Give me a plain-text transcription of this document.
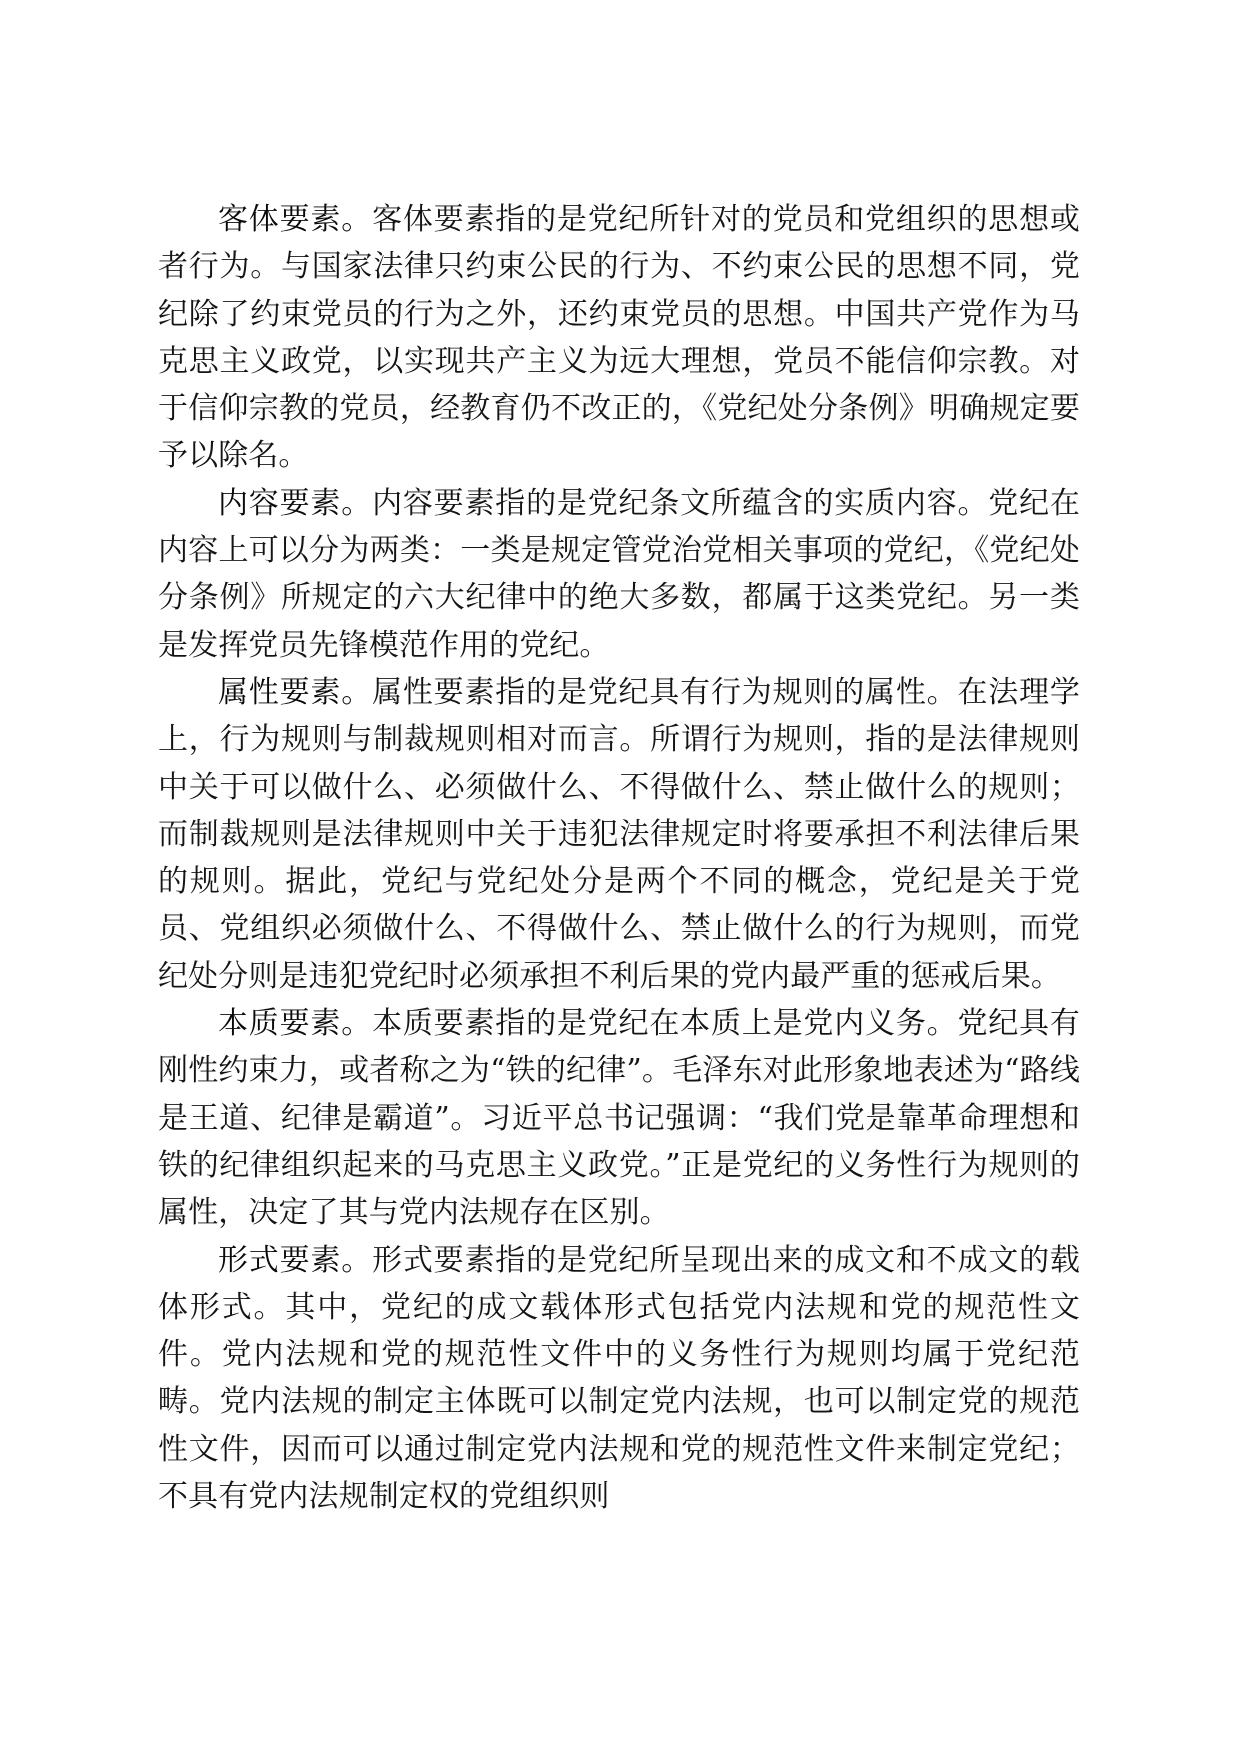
客体要素。客体要素指的是党纪所针对的党员和党组织的思想或者行为。与国家法律只约束公民的行为、不约束公民的思想不同，党纪除了约束党员的行为之外，还约束党员的思想。中国共产党作为马克思主义政党，以实现共产主义为远大理想，党员不能信仰宗教。对于信仰宗教的党员，经教育仍不改正的，《党纪处分条例》明确规定要予以除名。

内容要素。内容要素指的是党纪条文所蕴含的实质内容。党纪在内容上可以分为两类：一类是规定管党治党相关事项的党纪，《党纪处分条例》所规定的六大纪律中的绝大多数，都属于这类党纪。另一类是发挥党员先锋模范作用的党纪。

属性要素。属性要素指的是党纪具有行为规则的属性。在法理学上，行为规则与制裁规则相对而言。所谓行为规则，指的是法律规则中关于可以做什么、必须做什么、不得做什么、禁止做什么的规则；而制裁规则是法律规则中关于违犯法律规定时将要承担不利法律后果的规则。据此，党纪与党纪处分是两个不同的概念，党纪是关于党员、党组织必须做什么、不得做什么、禁止做什么的行为规则，而党纪处分则是违犯党纪时必须承担不利后果的党内最严重的惩戒后果。

本质要素。本质要素指的是党纪在本质上是党内义务。党纪具有刚性约束力，或者称之为“铁的纪律”。毛泽东对此形象地表述为“路线是王道、纪律是霸道”。习近平总书记强调：“我们党是靠革命理想和铁的纪律组织起来的马克思主义政党。”正是党纪的义务性行为规则的属性，决定了其与党内法规存在区别。

形式要素。形式要素指的是党纪所呈现出来的成文和不成文的载体形式。其中，党纪的成文载体形式包括党内法规和党的规范性文件。党内法规和党的规范性文件中的义务性行为规则均属于党纪范畴。党内法规的制定主体既可以制定党内法规，也可以制定党的规范性文件，因而可以通过制定党内法规和党的规范性文件来制定党纪；不具有党内法规制定权的党组织则
